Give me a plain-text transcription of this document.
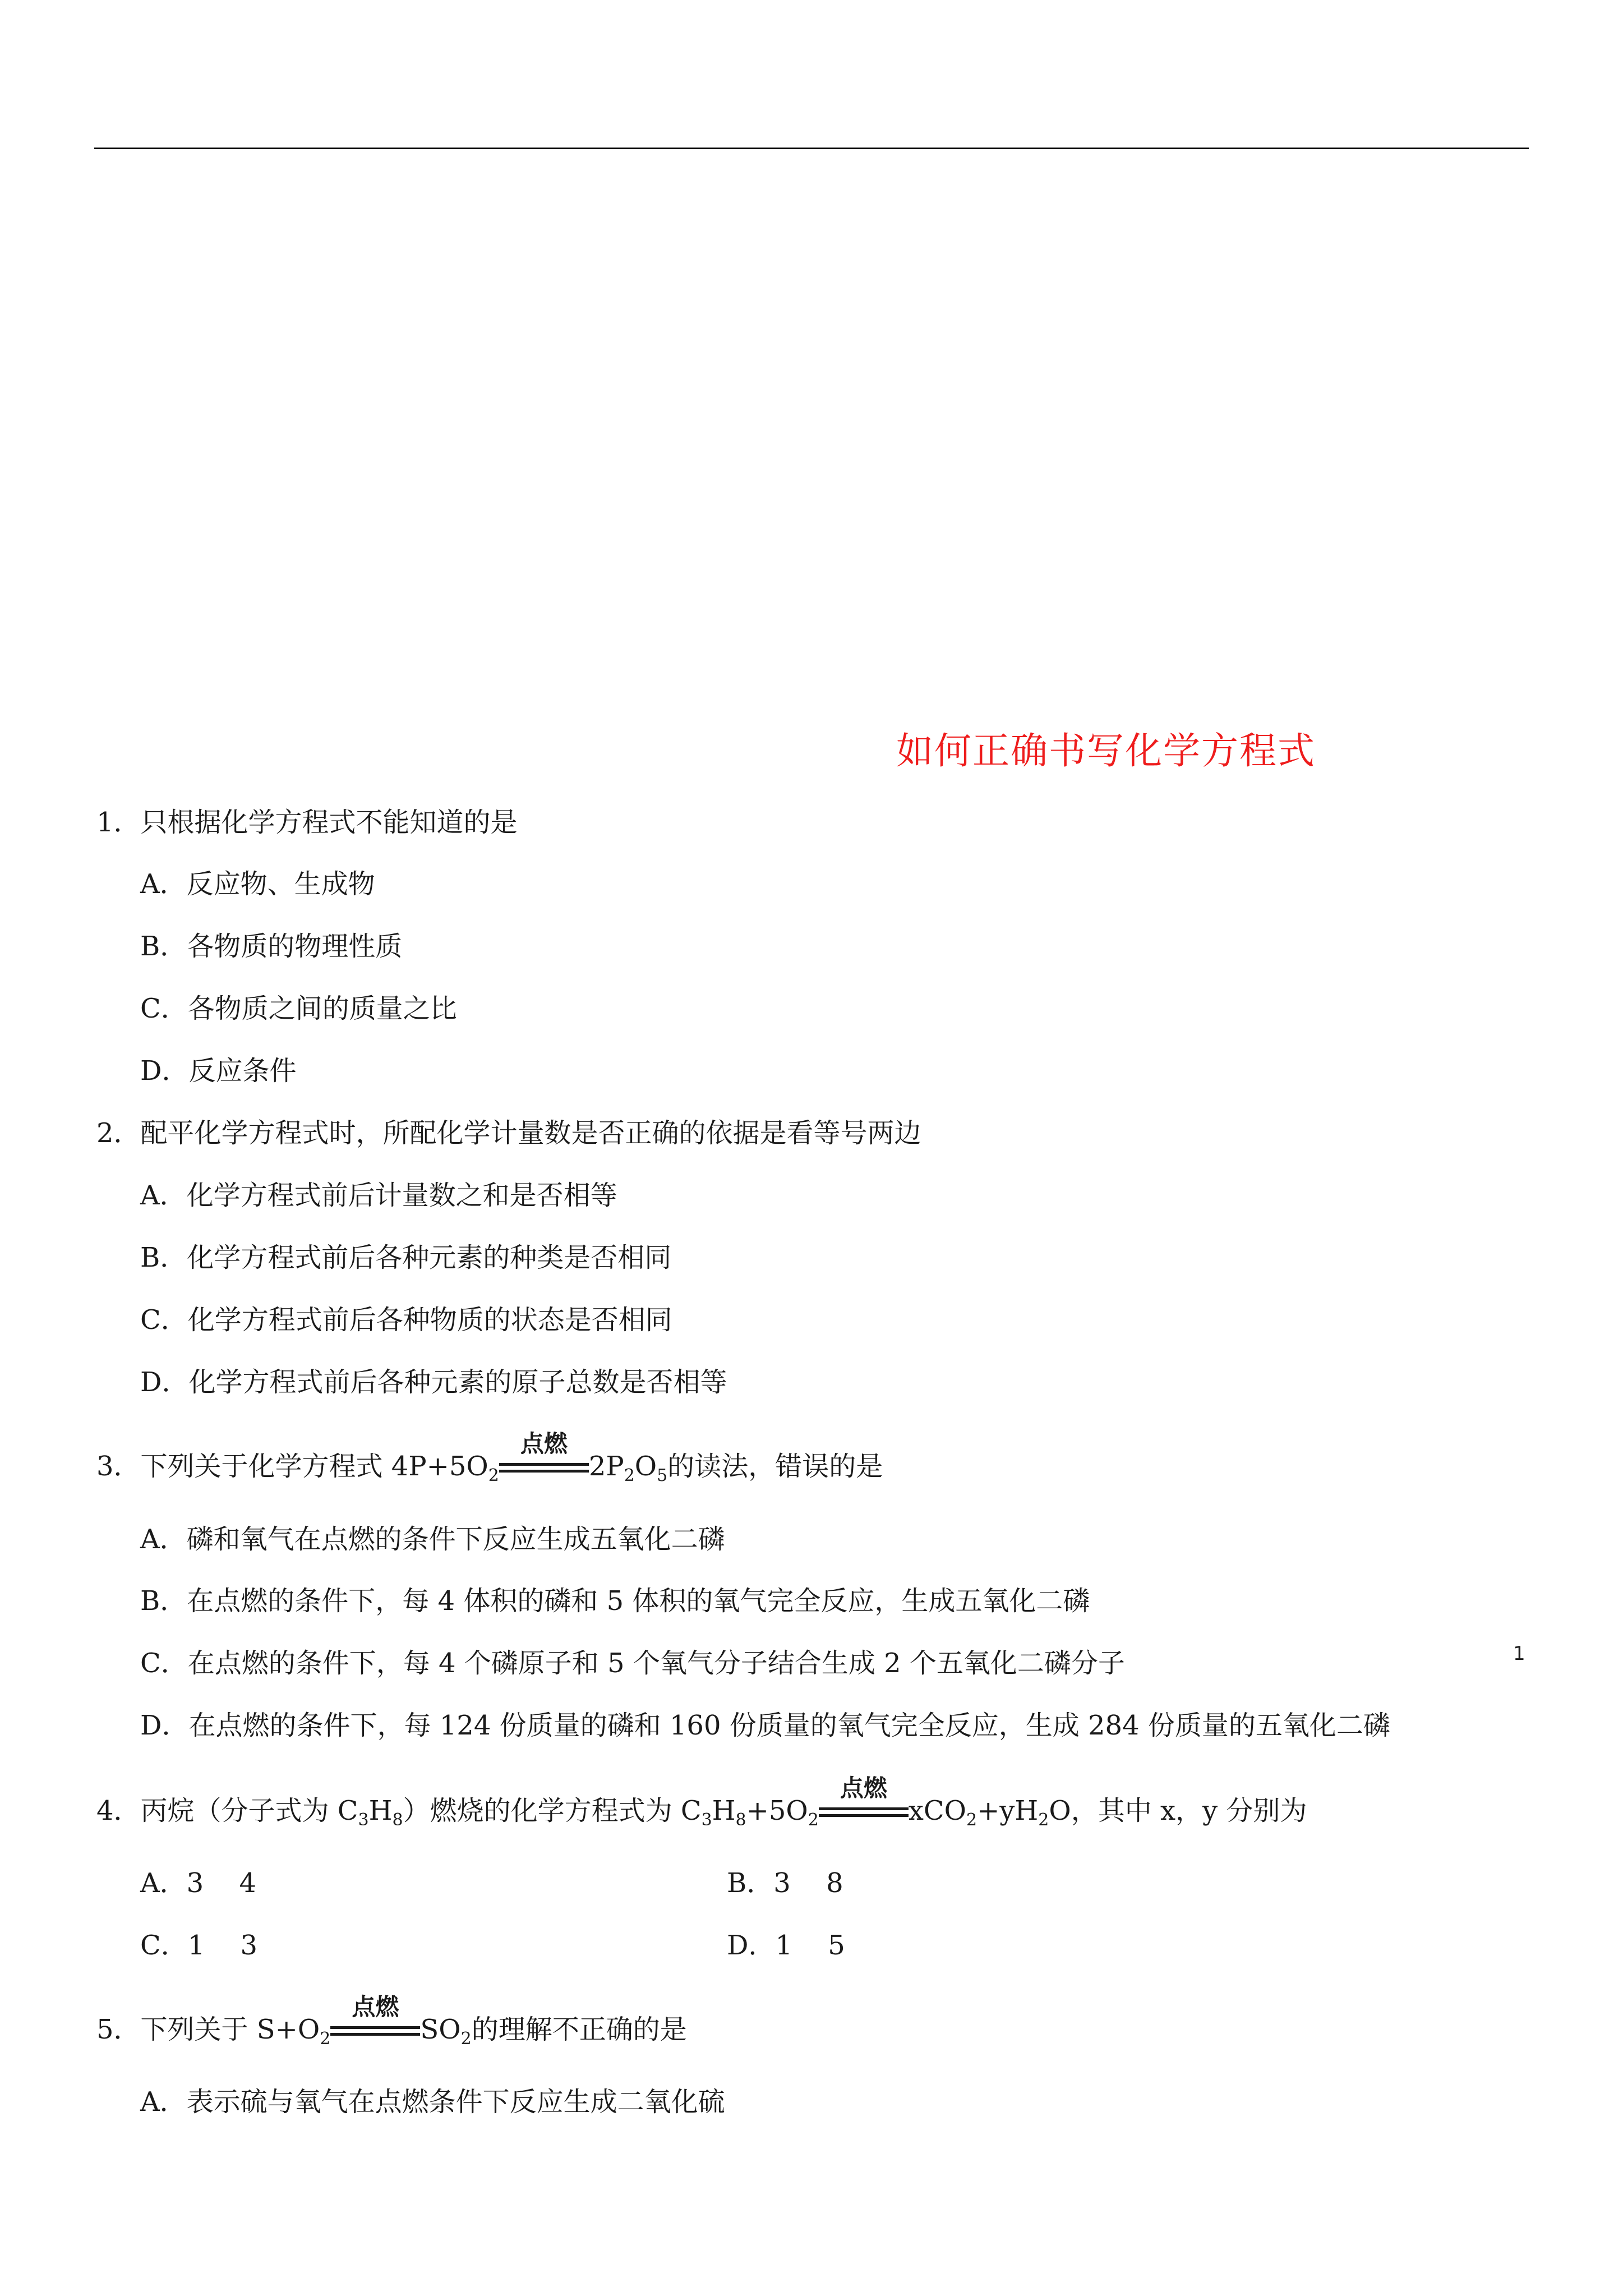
如何正确书写化学方程式
1．只根据化学方程式不能知道的是
A．反应物、生成物
B．各物质的物理性质
C．各物质之间的质量之比
D．反应条件
2．配平化学方程式时，所配化学计量数是否正确的依据是看等号两边
A．化学方程式前后计量数之和是否相等
B．化学方程式前后各种元素的种类是否相同
C．化学方程式前后各种物质的状态是否相同
D．化学方程式前后各种元素的原子总数是否相等
3．下列关于化学方程式 $4P+5O_2$
点燃
$2P_2O_5$的读法，错误的是
A．磷和氧气在点燃的条件下反应生成五氧化二磷
B．在点燃的条件下，每 4 体积的磷和 5 体积的氧气完全反应，生成五氧化二磷
C．在点燃的条件下，每 4 个磷原子和 5 个氧气分子结合生成 2 个五氧化二磷分子
D．在点燃的条件下，每 124 份质量的磷和 160 份质量的氧气完全反应，生成 284 份质量的五氧化二磷
4．丙烷（分子式为 $C_3H_8$）燃烧的化学方程式为 $C_3H_8+5O_2$
点燃
$xCO_2+yH_2O$，其中 x，y 分别为
A．3　 4	B．3　 8
C．1　 3	D．1　 5
5．下列关于 $S+O_2$
点燃
$SO_2$的理解不正确的是
A．表示硫与氧气在点燃条件下反应生成二氧化硫
1
